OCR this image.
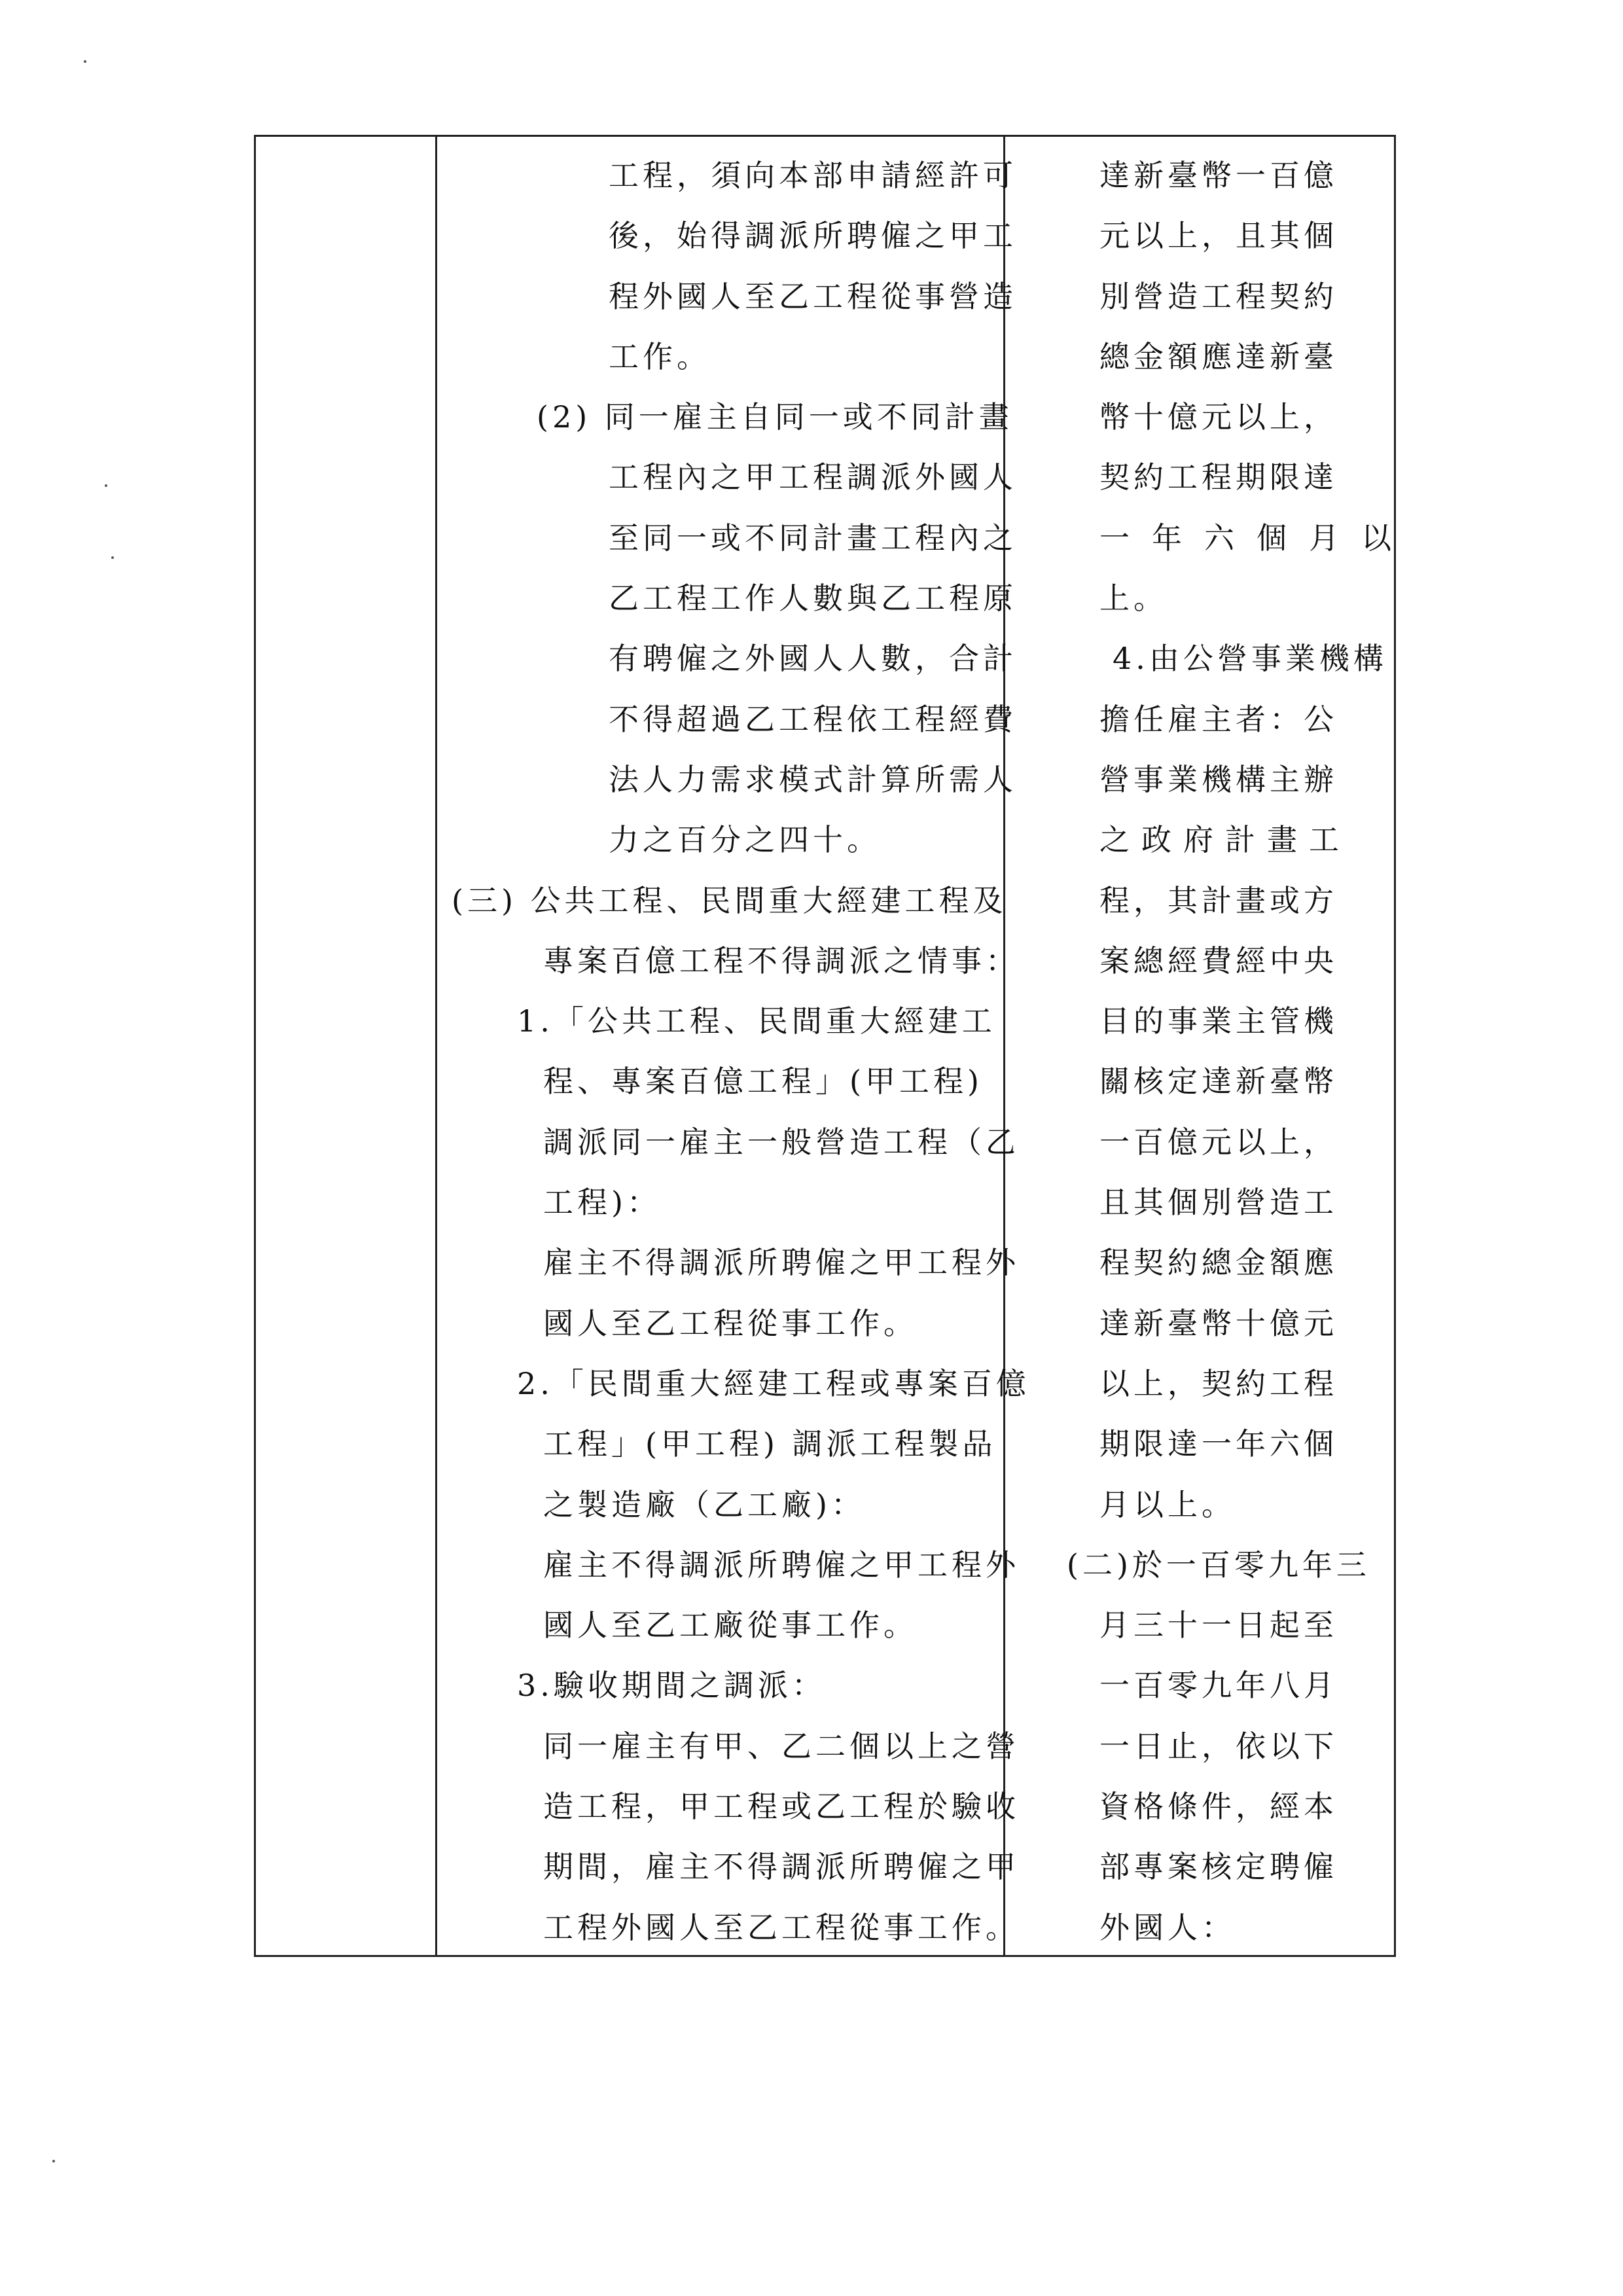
工程，須向本部申請經許可
後，始得調派所聘僱之甲工
程外國人至乙工程從事營造
工作。
(2) 同一雇主自同一或不同計畫
工程內之甲工程調派外國人
至同一或不同計畫工程內之
乙工程工作人數與乙工程原
有聘僱之外國人人數，合計
不得超過乙工程依工程經費
法人力需求模式計算所需人
力之百分之四十。
(三) 公共工程、民間重大經建工程及
專案百億工程不得調派之情事：
1.「公共工程、民間重大經建工
程、專案百億工程」(甲工程)
調派同一雇主一般營造工程（乙
工程)：
雇主不得調派所聘僱之甲工程外
國人至乙工程從事工作。
2.「民間重大經建工程或專案百億
工程」(甲工程) 調派工程製品
之製造廠（乙工廠)：
雇主不得調派所聘僱之甲工程外
國人至乙工廠從事工作。
3.驗收期間之調派：
同一雇主有甲、乙二個以上之營
造工程，甲工程或乙工程於驗收
期間，雇主不得調派所聘僱之甲
工程外國人至乙工程從事工作。
達新臺幣一百億
元以上，且其個
別營造工程契約
總金額應達新臺
幣十億元以上，
契約工程期限達
一年六個月以
上。
4.由公營事業機構
擔任雇主者：公
營事業機構主辦
之政府計畫工
程，其計畫或方
案總經費經中央
目的事業主管機
關核定達新臺幣
一百億元以上，
且其個別營造工
程契約總金額應
達新臺幣十億元
以上，契約工程
期限達一年六個
月以上。
(二)於一百零九年三
月三十一日起至
一百零九年八月
一日止，依以下
資格條件，經本
部專案核定聘僱
外國人：
